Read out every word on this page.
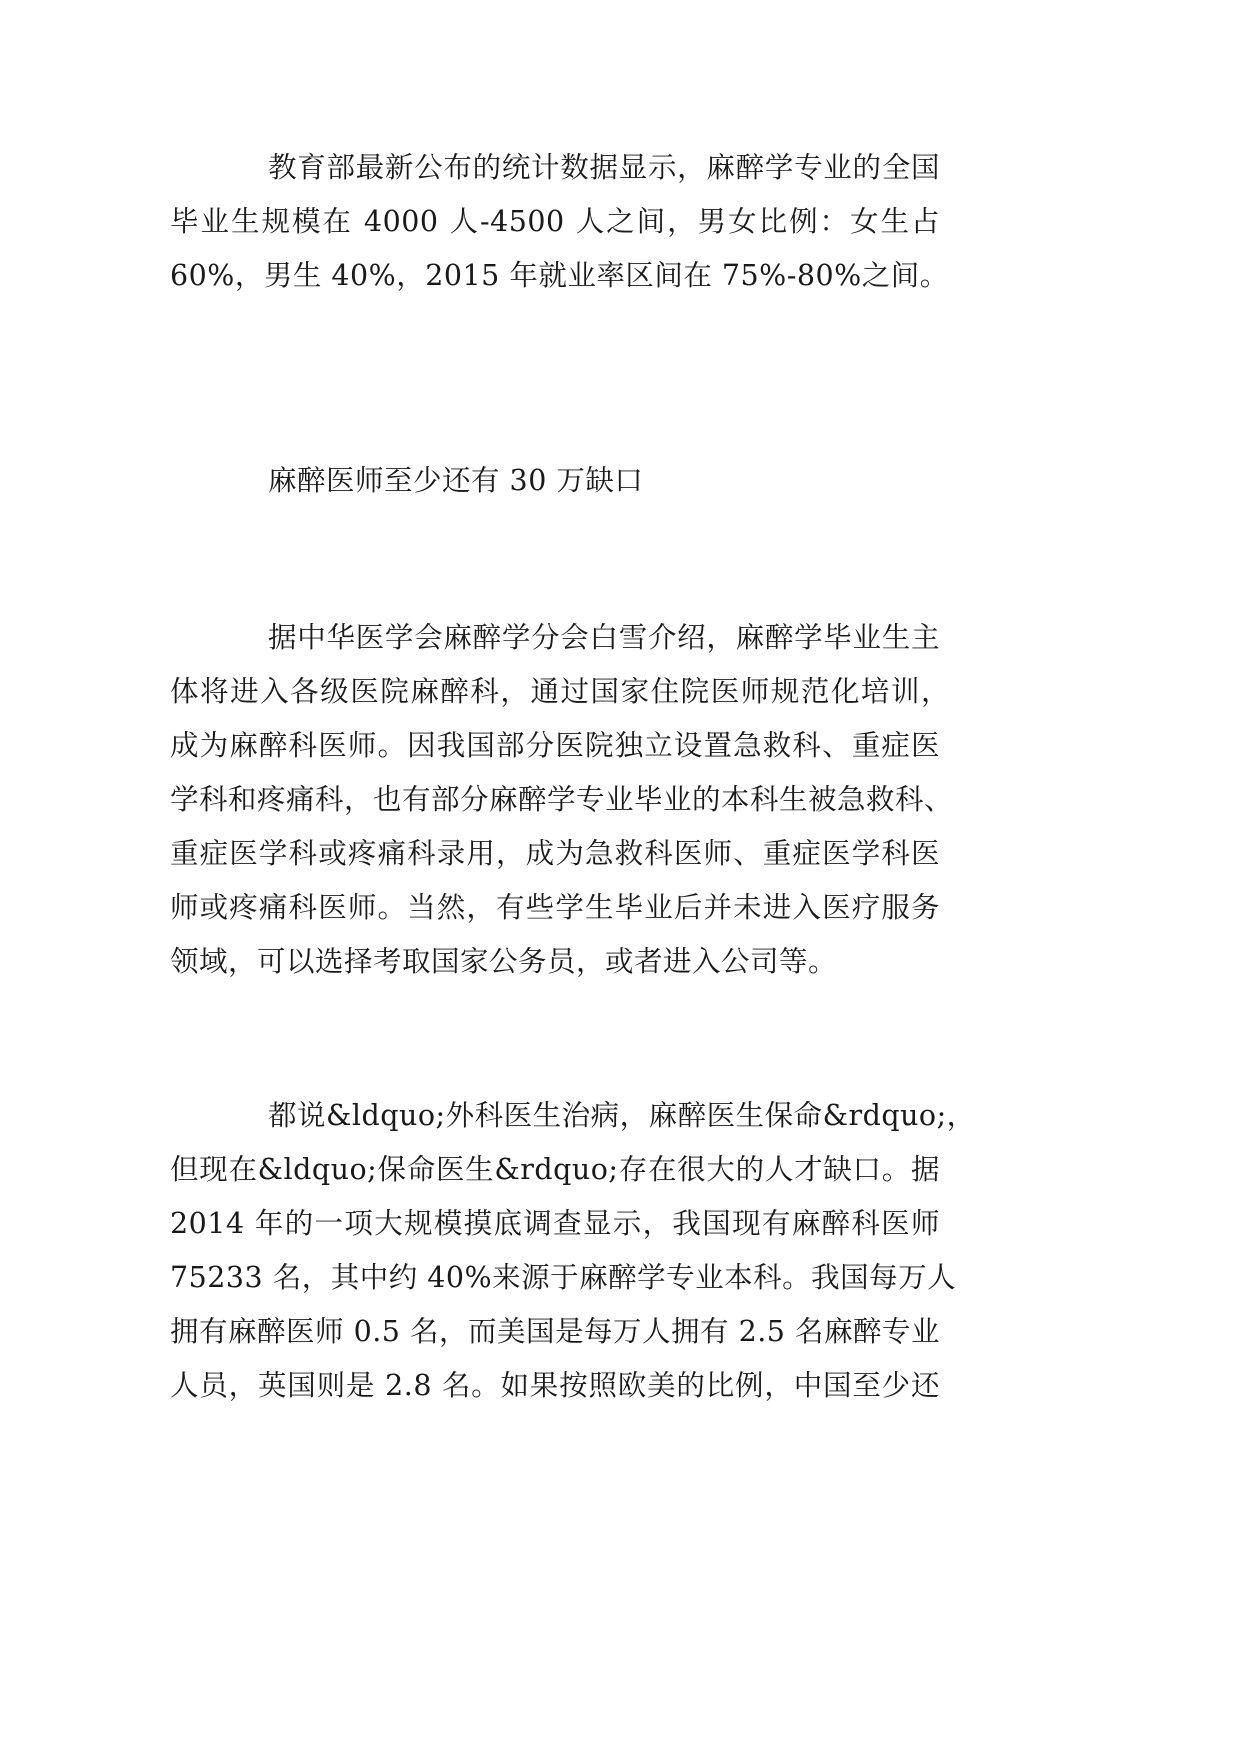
教育部最新公布的统计数据显示，麻醉学专业的全国
毕业生规模在 4000 人-4500 人之间，男女比例：女生占
60%，男生 40%，2015 年就业率区间在 75%-80%之间。
麻醉医师至少还有 30 万缺口
据中华医学会麻醉学分会白雪介绍，麻醉学毕业生主
体将进入各级医院麻醉科，通过国家住院医师规范化培训，
成为麻醉科医师。因我国部分医院独立设置急救科、重症医
学科和疼痛科，也有部分麻醉学专业毕业的本科生被急救科、
重症医学科或疼痛科录用，成为急救科医师、重症医学科医
师或疼痛科医师。当然，有些学生毕业后并未进入医疗服务
领域，可以选择考取国家公务员，或者进入公司等。
都说&ldquo;外科医生治病，麻醉医生保命&rdquo;，
但现在&ldquo;保命医生&rdquo;存在很大的人才缺口。据
2014 年的一项大规模摸底调查显示，我国现有麻醉科医师
75233 名，其中约 40%来源于麻醉学专业本科。我国每万人
拥有麻醉医师 0.5 名，而美国是每万人拥有 2.5 名麻醉专业
人员，英国则是 2.8 名。如果按照欧美的比例，中国至少还
